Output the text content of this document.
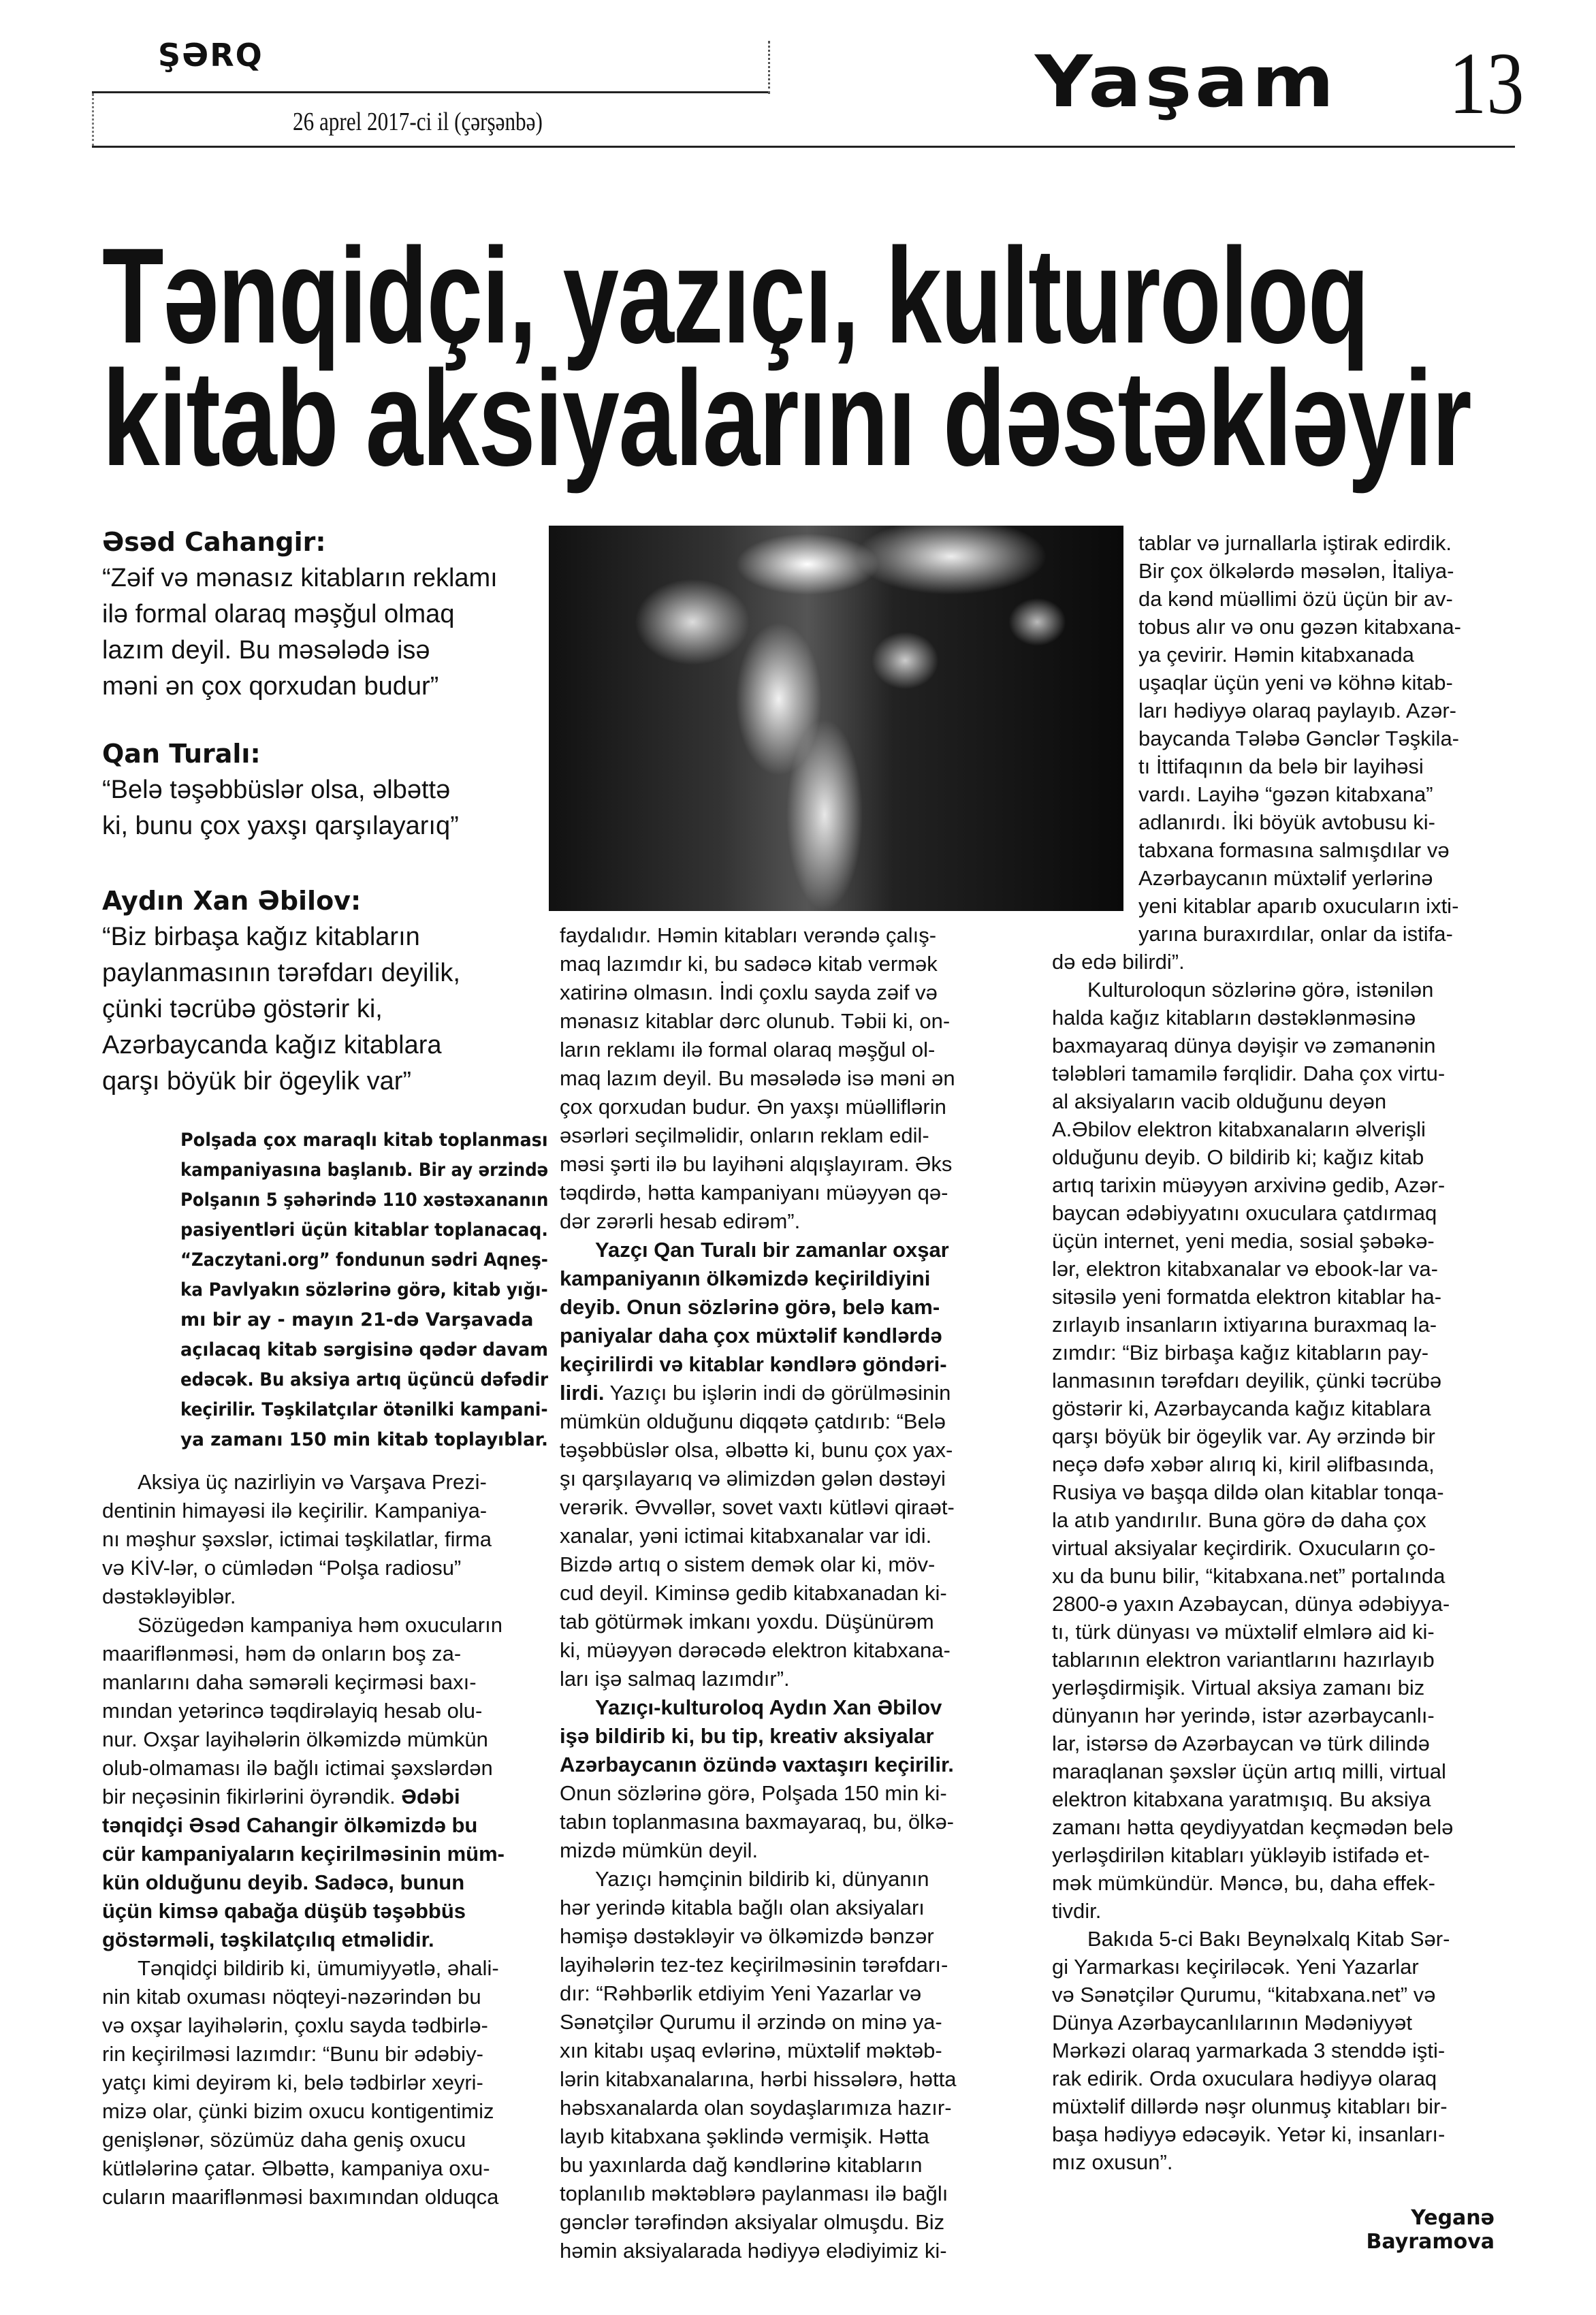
ŞƏRQ
26 aprel 2017-ci il (çərşənbə)	Yaşam 13
Tənqidçi, yazıçı, kulturoloq
kitab aksiyalarını dəstəkləyir
Əsəd Cahangir:
“Zəif və mənasız kitabların reklamı
ilə formal olaraq məşğul olmaq
lazım deyil. Bu məsələdə isə
məni ən çox qorxudan budur”
Qan Turalı:
“Belə təşəbbüslər olsa, əlbəttə
ki, bunu çox yaxşı qarşılayarıq”
Aydın Xan Əbilov:
“Biz birbaşa kağız kitabların
paylanmasının tərəfdarı deyilik,
çünki təcrübə göstərir ki,
Azərbaycanda kağız kitablara
qarşı böyük bir ögeylik var”
Polşada çox maraqlı kitab toplanması
kampaniyasına başlanıb. Bir ay ərzində
Polşanın 5 şəhərində 110 xəstəxananın
pasiyentləri üçün kitablar toplanacaq.
“Zaczytani.org” fondunun sədri Aqneş-
ka Pavlyakın sözlərinə görə, kitab yığı-
mı bir ay - mayın 21-də Varşavada
açılacaq kitab sərgisinə qədər davam
edəcək. Bu aksiya artıq üçüncü dəfədir
keçirilir. Təşkilatçılar ötənilki kampani-
ya zamanı 150 min kitab toplayıblar.
Aksiya üç nazirliyin və Varşava Prezi-
dentinin himayəsi ilə keçirilir. Kampaniya-
nı məşhur şəxslər, ictimai təşkilatlar, firma
və KİV-lər, o cümlədən “Polşa radiosu”
dəstəkləyiblər.
Sözügedən kampaniya həm oxucuların
maariflənməsi, həm də onların boş za-
manlarını daha səmərəli keçirməsi baxı-
mından yetərincə təqdirəlayiq hesab olu-
nur. Oxşar layihələrin ölkəmizdə mümkün
olub-olmaması ilə bağlı ictimai şəxslərdən
bir neçəsinin fikirlərini öyrəndik. Ədəbi
tənqidçi Əsəd Cahangir ölkəmizdə bu
cür kampaniyaların keçirilməsinin müm-
kün olduğunu deyib. Sadəcə, bunun
üçün kimsə qabağa düşüb təşəbbüs
göstərməli, təşkilatçılıq etməlidir.
Tənqidçi bildirib ki, ümumiyyətlə, əhali-
nin kitab oxuması nöqteyi-nəzərindən bu
və oxşar layihələrin, çoxlu sayda tədbirlə-
rin keçirilməsi lazımdır: “Bunu bir ədəbiy-
yatçı kimi deyirəm ki, belə tədbirlər xeyri-
mizə olar, çünki bizim oxucu kontigentimiz
genişlənər, sözümüz daha geniş oxucu
kütlələrinə çatar. Əlbəttə, kampaniya oxu-
cuların maariflənməsi baxımından olduqca
faydalıdır. Həmin kitabları verəndə çalış-
maq lazımdır ki, bu sadəcə kitab vermək
xatirinə olmasın. İndi çoxlu sayda zəif və
mənasız kitablar dərc olunub. Təbii ki, on-
ların reklamı ilə formal olaraq məşğul ol-
maq lazım deyil. Bu məsələdə isə məni ən
çox qorxudan budur. Ən yaxşı müəlliflərin
əsərləri seçilməlidir, onların reklam edil-
məsi şərti ilə bu layihəni alqışlayıram. Əks
təqdirdə, hətta kampaniyanı müəyyən qə-
dər zərərli hesab edirəm”.
Yazçı Qan Turalı bir zamanlar oxşar
kampaniyanın ölkəmizdə keçirildiyini
deyib. Onun sözlərinə görə, belə kam-
paniyalar daha çox müxtəlif kəndlərdə
keçirilirdi və kitablar kəndlərə göndəri-
lirdi. Yazıçı bu işlərin indi də görülməsinin
mümkün olduğunu diqqətə çatdırıb: “Belə
təşəbbüslər olsa, əlbəttə ki, bunu çox yax-
şı qarşılayarıq və əlimizdən gələn dəstəyi
verərik. Əvvəllər, sovet vaxtı kütləvi qiraət-
xanalar, yəni ictimai kitabxanalar var idi.
Bizdə artıq o sistem demək olar ki, möv-
cud deyil. Kiminsə gedib kitabxanadan ki-
tab götürmək imkanı yoxdu. Düşünürəm
ki, müəyyən dərəcədə elektron kitabxana-
ları işə salmaq lazımdır”.
Yazıçı-kulturoloq Aydın Xan Əbilov
işə bildirib ki, bu tip, kreativ aksiyalar
Azərbaycanın özündə vaxtaşırı keçirilir.
Onun sözlərinə görə, Polşada 150 min ki-
tabın toplanmasına baxmayaraq, bu, ölkə-
mizdə mümkün deyil.
Yazıçı həmçinin bildirib ki, dünyanın
hər yerində kitabla bağlı olan aksiyaları
həmişə dəstəkləyir və ölkəmizdə bənzər
layihələrin tez-tez keçirilməsinin tərəfdarı-
dır: “Rəhbərlik etdiyim Yeni Yazarlar və
Sənətçilər Qurumu il ərzində on minə ya-
xın kitabı uşaq evlərinə, müxtəlif məktəb-
lərin kitabxanalarına, hərbi hissələrə, hətta
həbsxanalarda olan soydaşlarımıza hazır-
layıb kitabxana şəklində vermişik. Hətta
bu yaxınlarda dağ kəndlərinə kitabların
toplanılıb məktəblərə paylanması ilə bağlı
gənclər tərəfindən aksiyalar olmuşdu. Biz
həmin aksiyalarada hədiyyə elədiyimiz ki-
tablar və jurnallarla iştirak edirdik.
Bir çox ölkələrdə məsələn, İtaliya-
da kənd müəllimi özü üçün bir av-
tobus alır və onu gəzən kitabxana-
ya çevirir. Həmin kitabxanada
uşaqlar üçün yeni və köhnə kitab-
ları hədiyyə olaraq paylayıb. Azər-
baycanda Tələbə Gənclər Təşkila-
tı İttifaqının da belə bir layihəsi
vardı. Layihə “gəzən kitabxana”
adlanırdı. İki böyük avtobusu ki-
tabxana formasına salmışdılar və
Azərbaycanın müxtəlif yerlərinə
yeni kitablar aparıb oxucuların ixti-
yarına buraxırdılar, onlar da istifa-
də edə bilirdi”.
Kulturoloqun sözlərinə görə, istənilən
halda kağız kitabların dəstəklənməsinə
baxmayaraq dünya dəyişir və zəmanənin
tələbləri tamamilə fərqlidir. Daha çox virtu-
al aksiyaların vacib olduğunu deyən
A.Əbilov elektron kitabxanaların əlverişli
olduğunu deyib. O bildirib ki; kağız kitab
artıq tarixin müəyyən arxivinə gedib, Azər-
baycan ədəbiyyatını oxuculara çatdırmaq
üçün internet, yeni media, sosial şəbəkə-
lər, elektron kitabxanalar və ebook-lar va-
sitəsilə yeni formatda elektron kitablar ha-
zırlayıb insanların ixtiyarına buraxmaq la-
zımdır: “Biz birbaşa kağız kitabların pay-
lanmasının tərəfdarı deyilik, çünki təcrübə
göstərir ki, Azərbaycanda kağız kitablara
qarşı böyük bir ögeylik var. Ay ərzində bir
neçə dəfə xəbər alırıq ki, kiril əlifbasında,
Rusiya və başqa dildə olan kitablar tonqa-
la atıb yandırılır. Buna görə də daha çox
virtual aksiyalar keçirdirik. Oxucuların ço-
xu da bunu bilir, “kitabxana.net” portalında
2800-ə yaxın Azəbaycan, dünya ədəbiyya-
tı, türk dünyası və müxtəlif elmlərə aid ki-
tablarının elektron variantlarını hazırlayıb
yerləşdirmişik. Virtual aksiya zamanı biz
dünyanın hər yerində, istər azərbaycanlı-
lar, istərsə də Azərbaycan və türk dilində
maraqlanan şəxslər üçün artıq milli, virtual
elektron kitabxana yaratmışıq. Bu aksiya
zamanı hətta qeydiyyatdan keçmədən belə
yerləşdirilən kitabları yükləyib istifadə et-
mək mümkündür. Məncə, bu, daha effek-
tivdir.
Bakıda 5-ci Bakı Beynəlxalq Kitab Sər-
gi Yarmarkası keçiriləcək. Yeni Yazarlar
və Sənətçilər Qurumu, “kitabxana.net” və
Dünya Azərbaycanlılarının Mədəniyyət
Mərkəzi olaraq yarmarkada 3 stenddə işti-
rak edirik. Orda oxuculara hədiyyə olaraq
müxtəlif dillərdə nəşr olunmuş kitabları bir-
başa hədiyyə edəcəyik. Yetər ki, insanları-
mız oxusun”.
Yeganə Bayramova
